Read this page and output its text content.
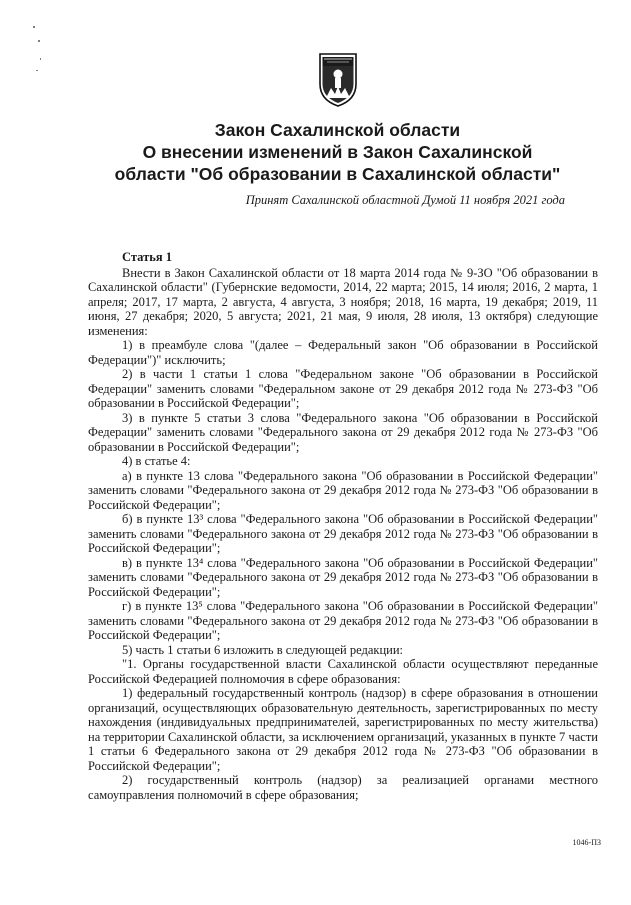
Закон Сахалинской области
О внесении изменений в Закон Сахалинской
области "Об образовании в Сахалинской области"

Принят Сахалинской областной Думой 11 ноября 2021 года

Статья 1

Внести в Закон Сахалинской области от 18 марта 2014 года № 9-ЗО "Об образовании в Сахалинской области" (Губернские ведомости, 2014, 22 марта; 2015, 14 июля; 2016, 2 марта, 1 апреля; 2017, 17 марта, 2 августа, 4 августа, 3 ноября; 2018, 16 марта, 19 декабря; 2019, 11 июня, 27 декабря; 2020, 5 августа; 2021, 21 мая, 9 июля, 28 июля, 13 октября) следующие изменения:

1) в преамбуле слова "(далее – Федеральный закон "Об образовании в Российской Федерации")" исключить;

2) в части 1 статьи 1 слова "Федеральном законе "Об образовании в Российской Федерации" заменить словами "Федеральном законе от 29 декабря 2012 года № 273-ФЗ "Об образовании в Российской Федерации";

3) в пункте 5 статьи 3 слова "Федерального закона "Об образовании в Российской Федерации" заменить словами "Федерального закона от 29 декабря 2012 года № 273-ФЗ "Об образовании в Российской Федерации";

4) в статье 4:

а) в пункте 13 слова "Федерального закона "Об образовании в Российской Федерации" заменить словами "Федерального закона от 29 декабря 2012 года № 273-ФЗ "Об образовании в Российской Федерации";

б) в пункте 13³ слова "Федерального закона "Об образовании в Российской Федерации" заменить словами "Федерального закона от 29 декабря 2012 года № 273-ФЗ "Об образовании в Российской Федерации";

в) в пункте 13⁴ слова "Федерального закона "Об образовании в Российской Федерации" заменить словами "Федерального закона от 29 декабря 2012 года № 273-ФЗ "Об образовании в Российской Федерации";

г) в пункте 13⁵ слова "Федерального закона "Об образовании в Российской Федерации" заменить словами "Федерального закона от 29 декабря 2012 года № 273-ФЗ "Об образовании в Российской Федерации";

5) часть 1 статьи 6 изложить в следующей редакции:

"1. Органы государственной власти Сахалинской области осуществляют переданные Российской Федерацией полномочия в сфере образования:

1) федеральный государственный контроль (надзор) в сфере образования в отношении организаций, осуществляющих образовательную деятельность, зарегистрированных по месту нахождения (индивидуальных предпринимателей, зарегистрированных по месту жительства) на территории Сахалинской области, за исключением организаций, указанных в пункте 7 части 1 статьи 6 Федерального закона от 29 декабря 2012 года № 273-ФЗ "Об образовании в Российской Федерации";

2) государственный контроль (надзор) за реализацией органами местного самоуправления полномочий в сфере образования;

1046-ПЗ
